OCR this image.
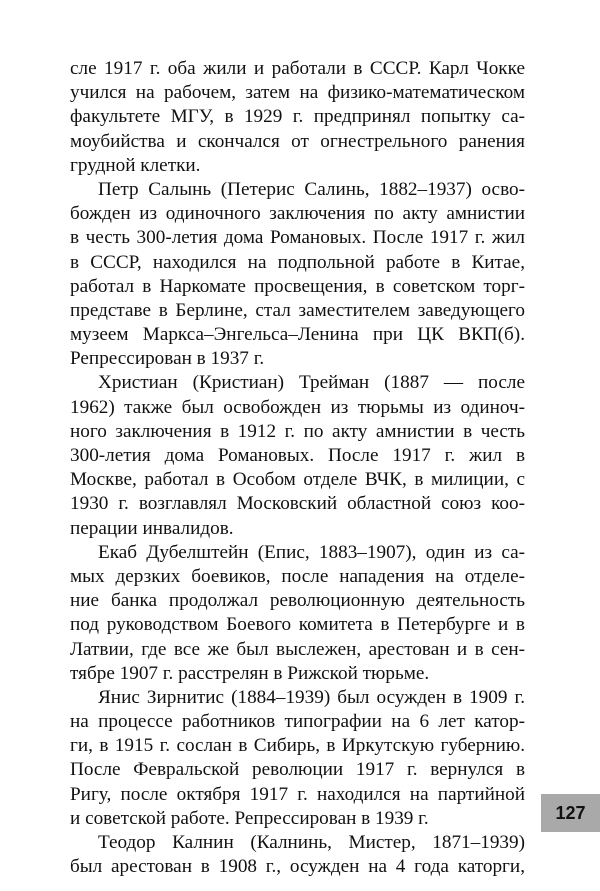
сле 1917 г. оба жили и работали в СССР. Карл Чокке
учился на рабочем, затем на физико-математическом
факультете МГУ, в 1929 г. предпринял попытку са-
моубийства и скончался от огнестрельного ранения
грудной клетки.
Петр Салынь (Петерис Салинь, 1882–1937) осво-
божден из одиночного заключения по акту амнистии
в честь 300-летия дома Романовых. После 1917 г. жил
в СССР, находился на подпольной работе в Китае,
работал в Наркомате просвещения, в советском торг-
представе в Берлине, стал заместителем заведующего
музеем Маркса–Энгельса–Ленина при ЦК ВКП(б).
Репрессирован в 1937 г.
Христиан (Кристиан) Трейман (1887 — после
1962) также был освобожден из тюрьмы из одиноч-
ного заключения в 1912 г. по акту амнистии в честь
300-летия дома Романовых. После 1917 г. жил в
Москве, работал в Особом отделе ВЧК, в милиции, с
1930 г. возглавлял Московский областной союз коо-
перации инвалидов.
Екаб Дубелштейн (Епис, 1883–1907), один из са-
мых дерзких боевиков, после нападения на отделе-
ние банка продолжал революционную деятельность
под руководством Боевого комитета в Петербурге и в
Латвии, где все же был выслежен, арестован и в сен-
тябре 1907 г. расстрелян в Рижской тюрьме.
Янис Зирнитис (1884–1939) был осужден в 1909 г.
на процессе работников типографии на 6 лет катор-
ги, в 1915 г. сослан в Сибирь, в Иркутскую губернию.
После Февральской революции 1917 г. вернулся в
Ригу, после октября 1917 г. находился на партийной
и советской работе. Репрессирован в 1939 г.
Теодор Калнин (Калнинь, Мистер, 1871–1939)
был арестован в 1908 г., осужден на 4 года каторги,
127
